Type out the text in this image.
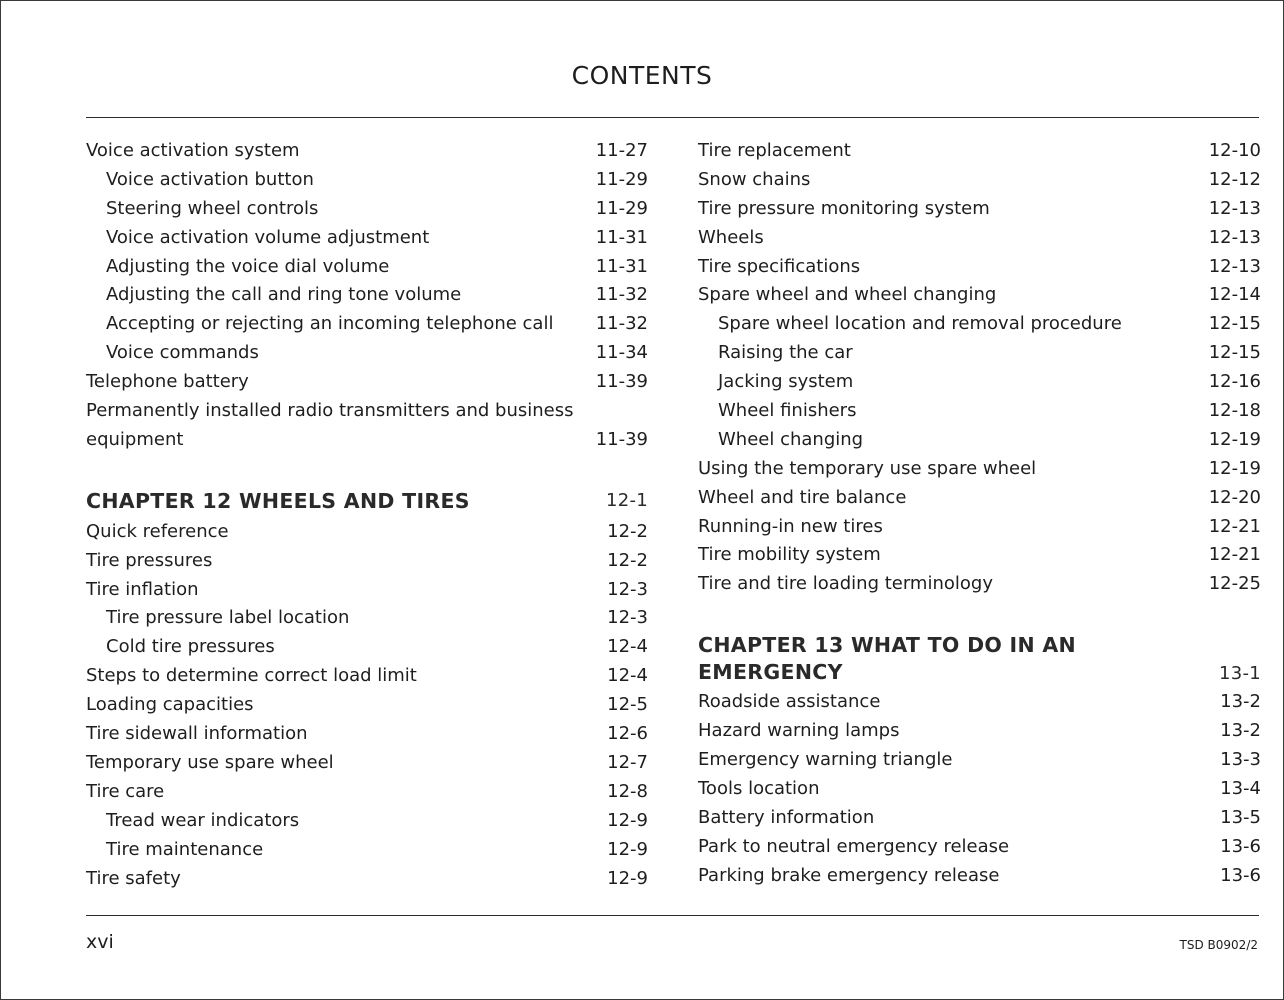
CONTENTS
Voice activation system	11-27
Voice activation button	11-29
Steering wheel controls	11-29
Voice activation volume adjustment	11-31
Adjusting the voice dial volume	11-31
Adjusting the call and ring tone volume	11-32
Accepting or rejecting an incoming telephone call	11-32
Voice commands	11-34
Telephone battery	11-39
Permanently installed radio transmitters and business equipment	11-39
CHAPTER 12 WHEELS AND TIRES	12-1
Quick reference	12-2
Tire pressures	12-2
Tire inflation	12-3
Tire pressure label location	12-3
Cold tire pressures	12-4
Steps to determine correct load limit	12-4
Loading capacities	12-5
Tire sidewall information	12-6
Temporary use spare wheel	12-7
Tire care	12-8
Tread wear indicators	12-9
Tire maintenance	12-9
Tire safety	12-9
Tire replacement	12-10
Snow chains	12-12
Tire pressure monitoring system	12-13
Wheels	12-13
Tire specifications	12-13
Spare wheel and wheel changing	12-14
Spare wheel location and removal procedure	12-15
Raising the car	12-15
Jacking system	12-16
Wheel finishers	12-18
Wheel changing	12-19
Using the temporary use spare wheel	12-19
Wheel and tire balance	12-20
Running-in new tires	12-21
Tire mobility system	12-21
Tire and tire loading terminology	12-25
CHAPTER 13 WHAT TO DO IN AN
EMERGENCY	13-1
Roadside assistance	13-2
Hazard warning lamps	13-2
Emergency warning triangle	13-3
Tools location	13-4
Battery information	13-5
Park to neutral emergency release	13-6
Parking brake emergency release	13-6
xvi	TSD B0902/2
